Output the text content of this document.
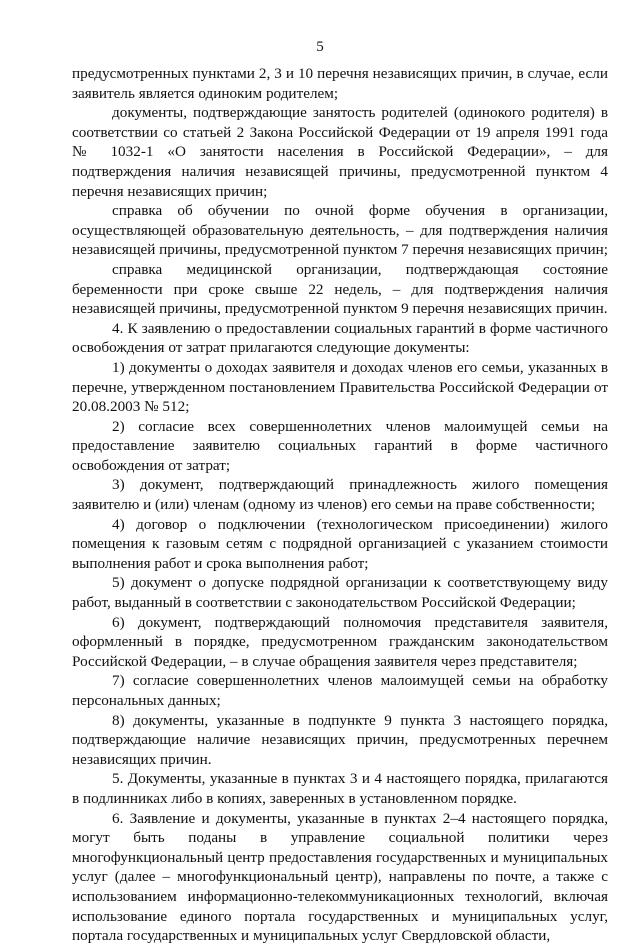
5

предусмотренных пунктами 2, 3 и 10 перечня независящих причин, в случае, если заявитель является одиноким родителем;

документы, подтверждающие занятость родителей (одинокого родителя) в соответствии со статьей 2 Закона Российской Федерации от 19 апреля 1991 года № 1032-1 «О занятости населения в Российской Федерации», – для подтверждения наличия независящей причины, предусмотренной пунктом 4 перечня независящих причин;

справка об обучении по очной форме обучения в организации, осуществляющей образовательную деятельность, – для подтверждения наличия независящей причины, предусмотренной пунктом 7 перечня независящих причин;

справка медицинской организации, подтверждающая состояние беременности при сроке свыше 22 недель, – для подтверждения наличия независящей причины, предусмотренной пунктом 9 перечня независящих причин.

4. К заявлению о предоставлении социальных гарантий в форме частичного освобождения от затрат прилагаются следующие документы:

1) документы о доходах заявителя и доходах членов его семьи, указанных в перечне, утвержденном постановлением Правительства Российской Федерации от 20.08.2003 № 512;

2) согласие всех совершеннолетних членов малоимущей семьи на предоставление заявителю социальных гарантий в форме частичного освобождения от затрат;

3) документ, подтверждающий принадлежность жилого помещения заявителю и (или) членам (одному из членов) его семьи на праве собственности;

4) договор о подключении (технологическом присоединении) жилого помещения к газовым сетям с подрядной организацией с указанием стоимости выполнения работ и срока выполнения работ;

5) документ о допуске подрядной организации к соответствующему виду работ, выданный в соответствии с законодательством Российской Федерации;

6) документ, подтверждающий полномочия представителя заявителя, оформленный в порядке, предусмотренном гражданским законодательством Российской Федерации, – в случае обращения заявителя через представителя;

7) согласие совершеннолетних членов малоимущей семьи на обработку персональных данных;

8) документы, указанные в подпункте 9 пункта 3 настоящего порядка, подтверждающие наличие независящих причин, предусмотренных перечнем независящих причин.

5. Документы, указанные в пунктах 3 и 4 настоящего порядка, прилагаются в подлинниках либо в копиях, заверенных в установленном порядке.

6. Заявление и документы, указанные в пунктах 2–4 настоящего порядка, могут быть поданы в управление социальной политики через многофункциональный центр предоставления государственных и муниципальных услуг (далее – многофункциональный центр), направлены по почте, а также с использованием информационно-телекоммуникационных технологий, включая использование единого портала государственных и муниципальных услуг, портала государственных и муниципальных услуг Свердловской области,
